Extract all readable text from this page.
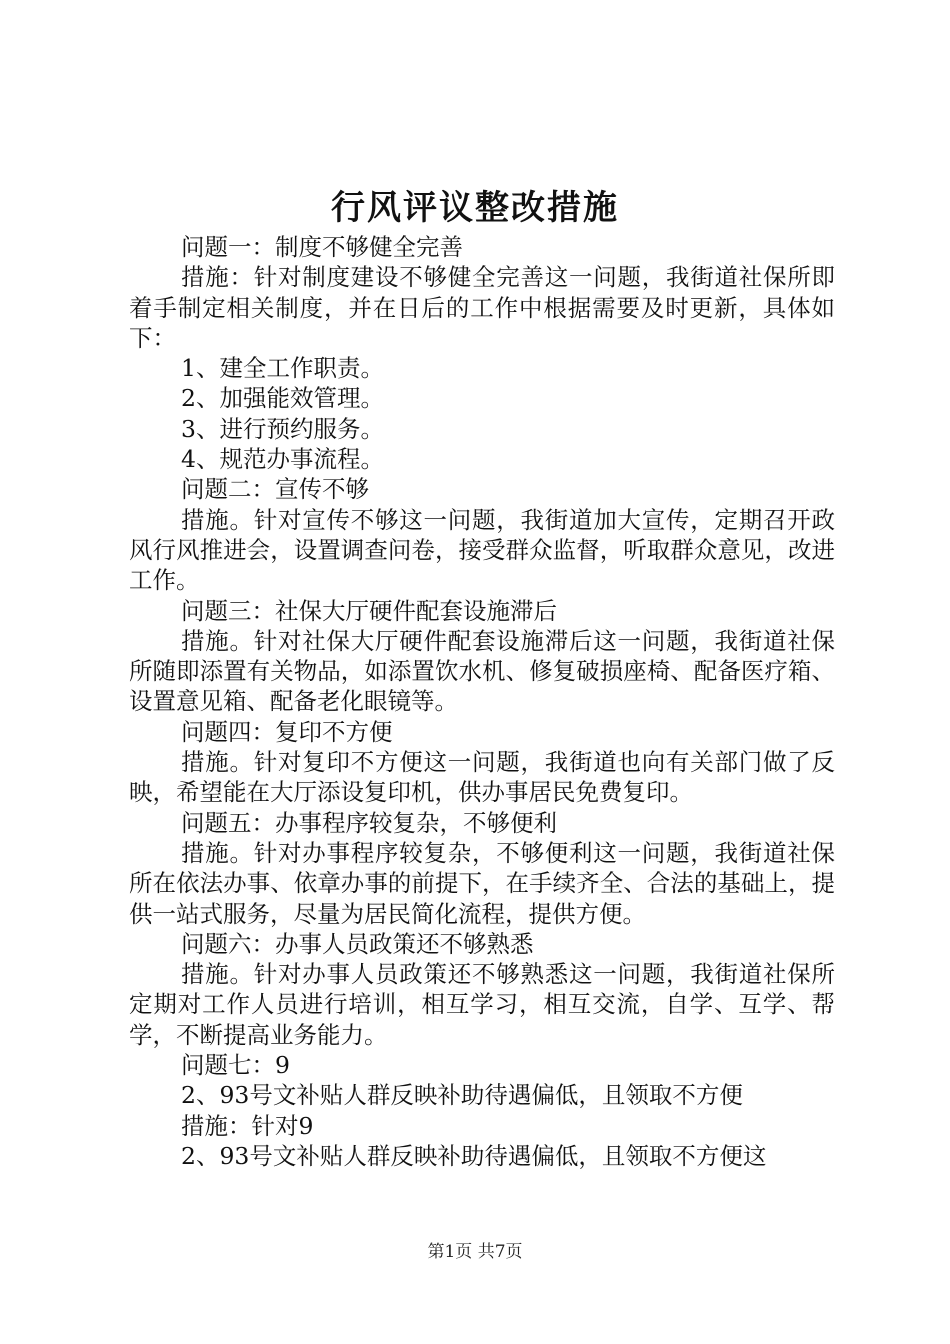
行风评议整改措施

问题一：制度不够健全完善

措施：针对制度建设不够健全完善这一问题，我街道社保所即着手制定相关制度，并在日后的工作中根据需要及时更新，具体如下：

1、建全工作职责。

2、加强能效管理。

3、进行预约服务。

4、规范办事流程。

问题二：宣传不够

措施。针对宣传不够这一问题，我街道加大宣传，定期召开政风行风推进会，设置调查问卷，接受群众监督，听取群众意见，改进工作。

问题三：社保大厅硬件配套设施滞后

措施。针对社保大厅硬件配套设施滞后这一问题，我街道社保所随即添置有关物品，如添置饮水机、修复破损座椅、配备医疗箱、设置意见箱、配备老化眼镜等。

问题四：复印不方便

措施。针对复印不方便这一问题，我街道也向有关部门做了反映，希望能在大厅添设复印机，供办事居民免费复印。

问题五：办事程序较复杂，不够便利

措施。针对办事程序较复杂，不够便利这一问题，我街道社保所在依法办事、依章办事的前提下，在手续齐全、合法的基础上，提供一站式服务，尽量为居民简化流程，提供方便。

问题六：办事人员政策还不够熟悉

措施。针对办事人员政策还不够熟悉这一问题，我街道社保所定期对工作人员进行培训，相互学习，相互交流，自学、互学、帮学，不断提高业务能力。

问题七：9

2、93号文补贴人群反映补助待遇偏低，且领取不方便

措施：针对9

2、93号文补贴人群反映补助待遇偏低，且领取不方便这

第1页 共7页
